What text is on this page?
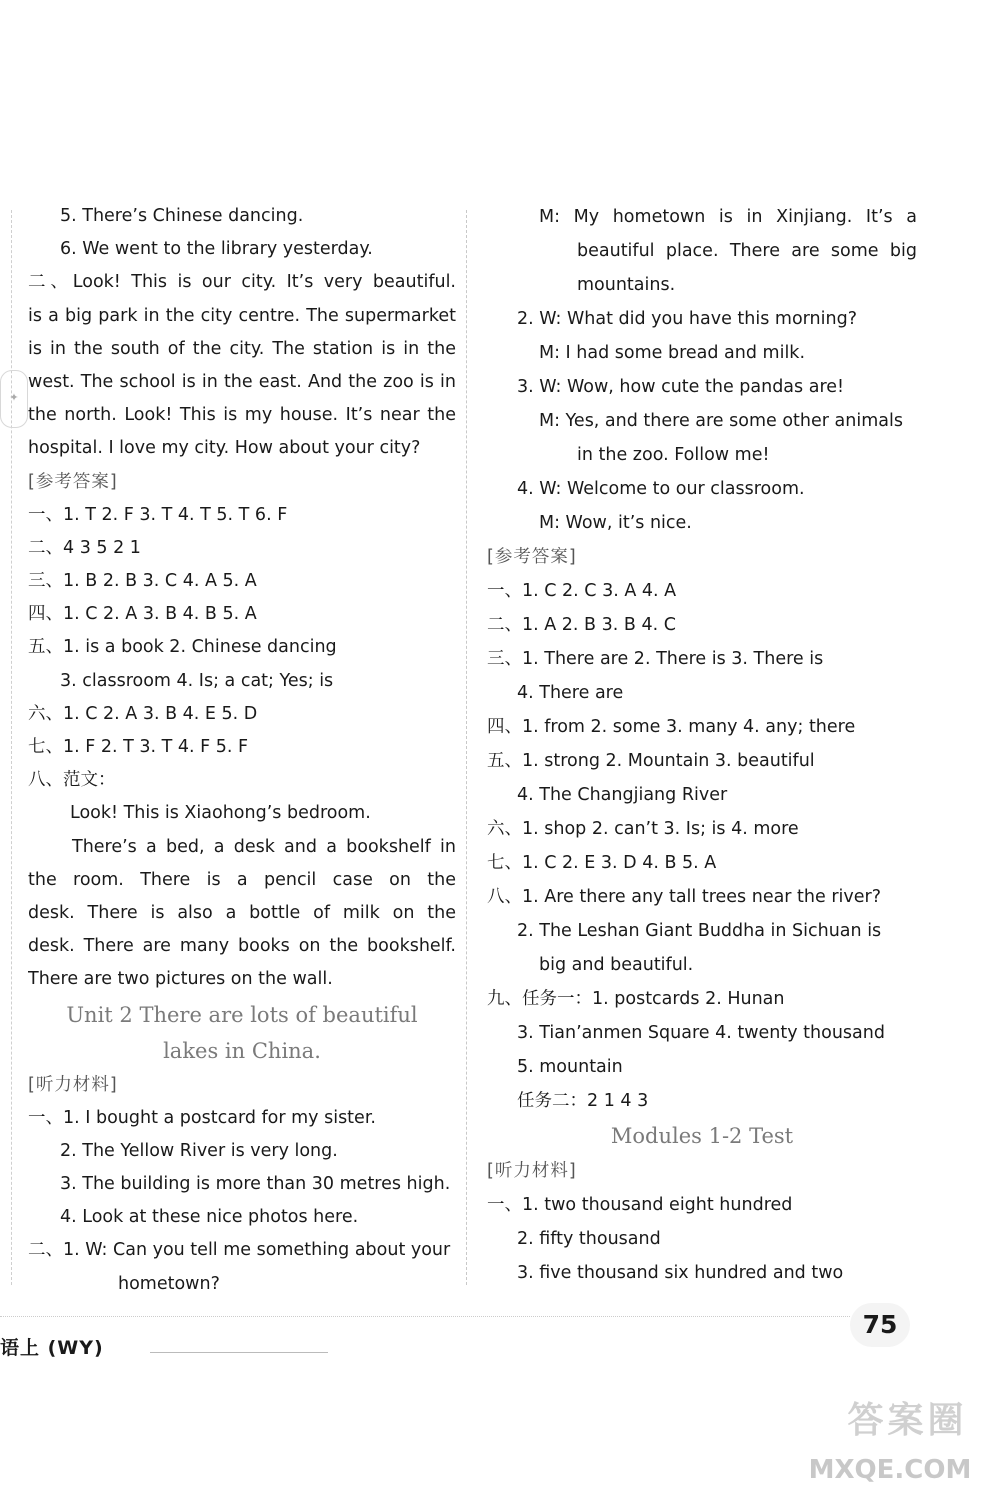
✦
5. There’s Chinese dancing.
6. We went to the library yesterday.
二、Look! This is our city. It’s very beautiful.
is a big park in the city centre. The supermarket
is in the south of the city. The station is in the
west. The school is in the east. And the zoo is in
the north. Look! This is my house. It’s near the
hospital. I love my city. How about your city?
[参考答案]
一、1. T 2. F 3. T 4. T 5. T 6. F
二、4 3 5 2 1
三、1. B 2. B 3. C 4. A 5. A
四、1. C 2. A 3. B 4. B 5. A
五、1. is a book 2. Chinese dancing
3. classroom 4. Is; a cat; Yes; is
六、1. C 2. A 3. B 4. E 5. D
七、1. F 2. T 3. T 4. F 5. F
八、范文：
Look! This is Xiaohong’s bedroom.
There’s a bed, a desk and a bookshelf in
the room. There is a pencil case on the
desk. There is also a bottle of milk on the
desk. There are many books on the bookshelf.
There are two pictures on the wall.
Unit 2 There are lots of beautiful
lakes in China.
[听力材料]
一、1. I bought a postcard for my sister.
2. The Yellow River is very long.
3. The building is more than 30 metres high.
4. Look at these nice photos here.
二、1. W: Can you tell me something about your
hometown?
M: My hometown is in Xinjiang. It’s a
beautiful place. There are some big
mountains.
2. W: What did you have this morning?
M: I had some bread and milk.
3. W: Wow, how cute the pandas are!
M: Yes, and there are some other animals
in the zoo. Follow me!
4. W: Welcome to our classroom.
M: Wow, it’s nice.
[参考答案]
一、1. C 2. C 3. A 4. A
二、1. A 2. B 3. B 4. C
三、1. There are 2. There is 3. There is
4. There are
四、1. from 2. some 3. many 4. any; there
五、1. strong 2. Mountain 3. beautiful
4. The Changjiang River
六、1. shop 2. can’t 3. Is; is 4. more
七、1. C 2. E 3. D 4. B 5. A
八、1. Are there any tall trees near the river?
2. The Leshan Giant Buddha in Sichuan is
big and beautiful.
九、任务一：1. postcards 2. Hunan
3. Tian’anmen Square 4. twenty thousand
5. mountain
任务二：2 1 4 3
Modules 1-2 Test
[听力材料]
一、1. two thousand eight hundred
2. fifty thousand
3. five thousand six hundred and two
语上 (WY)
75
答案圈
MXQE.COM
